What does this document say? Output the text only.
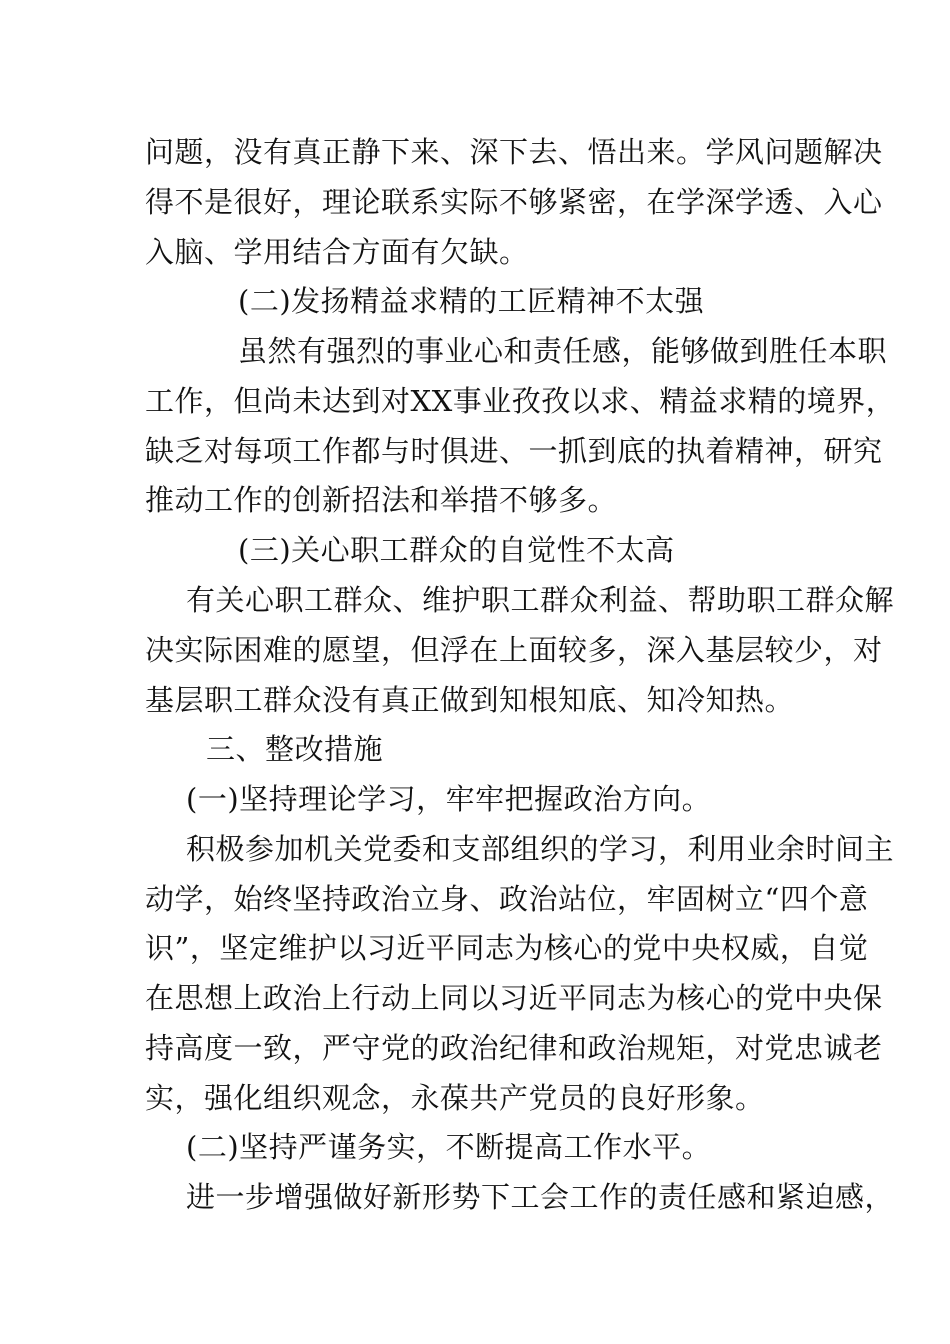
问题，没有真正静下来、深下去、悟出来。学风问题解决
得不是很好，理论联系实际不够紧密，在学深学透、入心
入脑、学用结合方面有欠缺。
(二)发扬精益求精的工匠精神不太强
虽然有强烈的事业心和责任感，能够做到胜任本职
工作，但尚未达到对XX事业孜孜以求、精益求精的境界，
缺乏对每项工作都与时俱进、一抓到底的执着精神，研究
推动工作的创新招法和举措不够多。
(三)关心职工群众的自觉性不太高
有关心职工群众、维护职工群众利益、帮助职工群众解
决实际困难的愿望，但浮在上面较多，深入基层较少，对
基层职工群众没有真正做到知根知底、知冷知热。
三、整改措施
(一)坚持理论学习，牢牢把握政治方向。
积极参加机关党委和支部组织的学习，利用业余时间主
动学，始终坚持政治立身、政治站位，牢固树立“四个意
识”，坚定维护以习近平同志为核心的党中央权威，自觉
在思想上政治上行动上同以习近平同志为核心的党中央保
持高度一致，严守党的政治纪律和政治规矩，对党忠诚老
实，强化组织观念，永葆共产党员的良好形象。
(二)坚持严谨务实，不断提高工作水平。
进一步增强做好新形势下工会工作的责任感和紧迫感，
